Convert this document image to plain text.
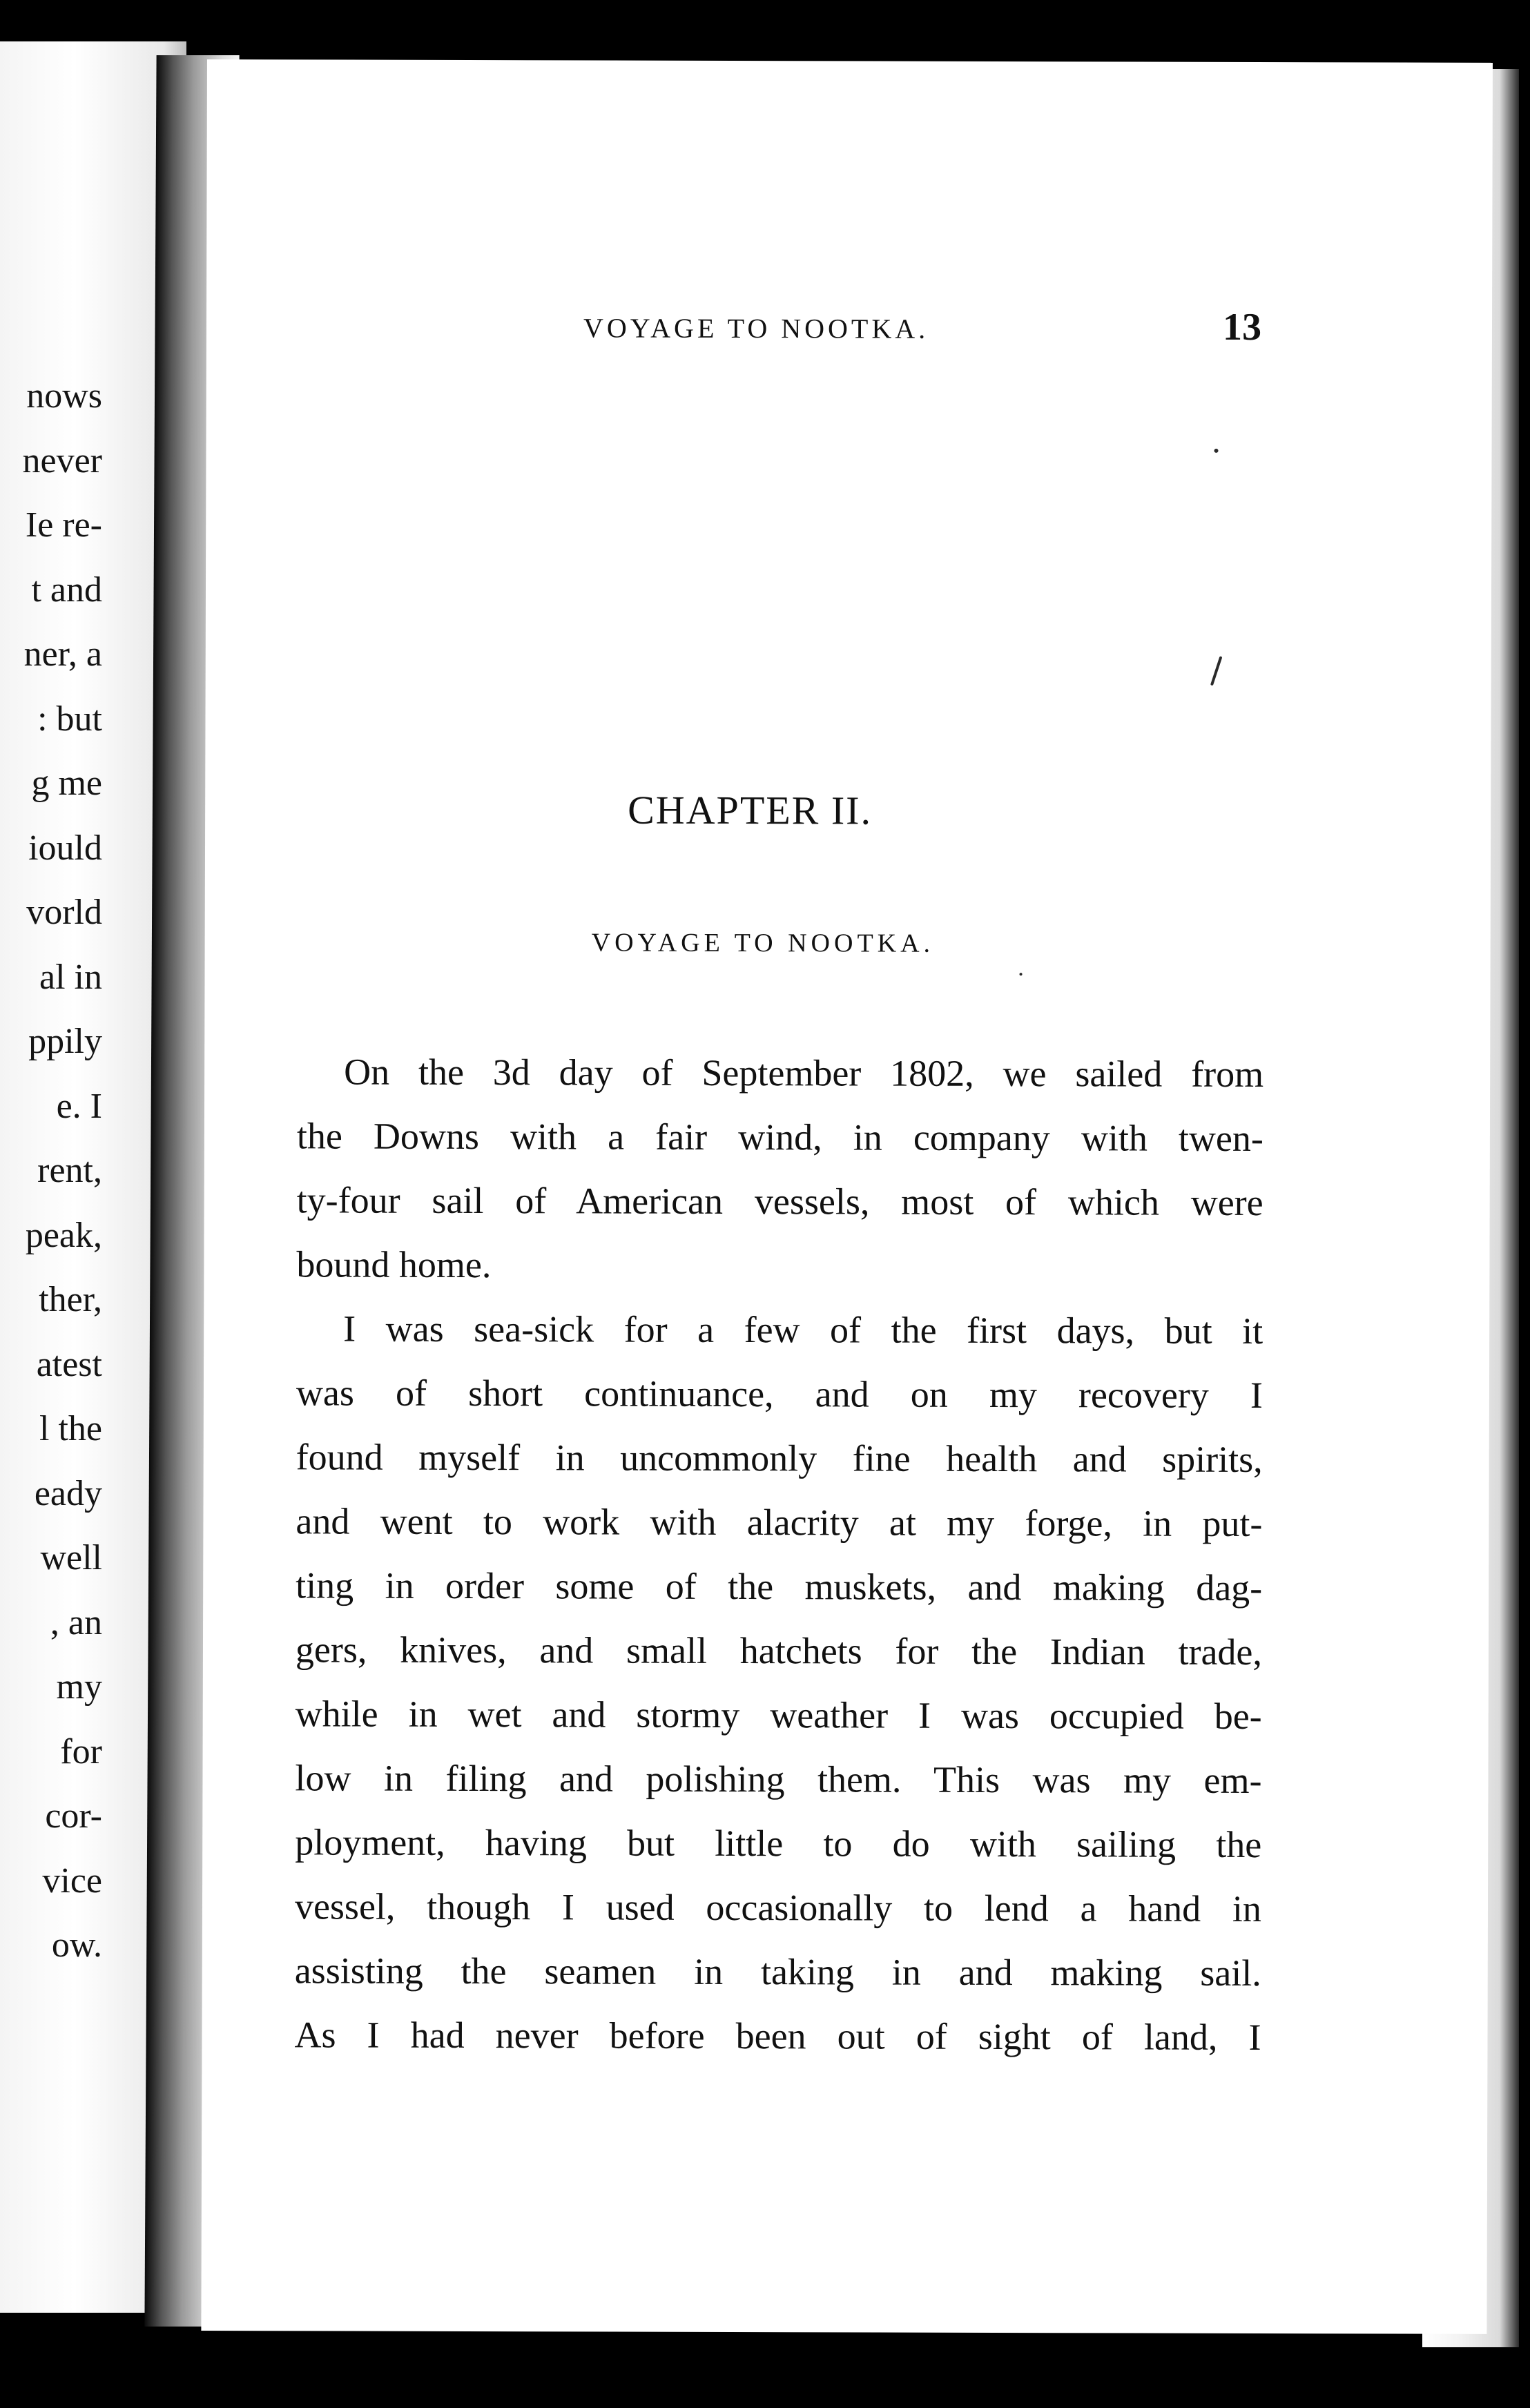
nows
never
Ie re-
t and
ner, a
: but
g me
iould
vorld
al in
ppily
e. I
rent,
peak,
ther,
atest
l the
eady
well
, an
my
for
cor-
vice
ow.
VOYAGE TO NOOTKA.	13
CHAPTER II.
VOYAGE TO NOOTKA.
On the 3d day of September 1802, we sailed from
the Downs with a fair wind, in company with twen-
ty-four sail of American vessels, most of which were
bound home.
I was sea-sick for a few of the first days, but it
was of short continuance, and on my recovery I
found myself in uncommonly fine health and spirits,
and went to work with alacrity at my forge, in put-
ting in order some of the muskets, and making dag-
gers, knives, and small hatchets for the Indian trade,
while in wet and stormy weather I was occupied be-
low in filing and polishing them. This was my em-
ployment, having but little to do with sailing the
vessel, though I used occasionally to lend a hand in
assisting the seamen in taking in and making sail.
As I had never before been out of sight of land, I
